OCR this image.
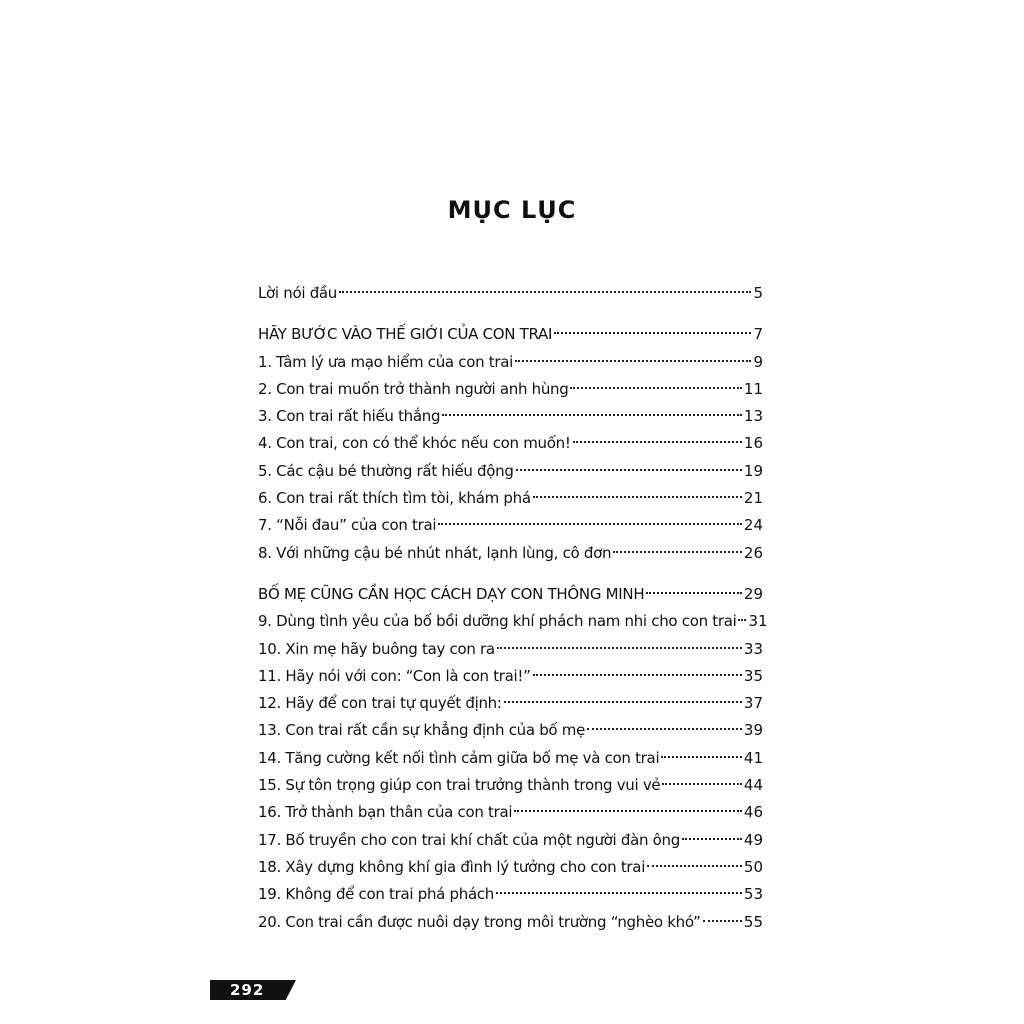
MỤC LỤC
Lời nói đầu	5
HÃY BƯỚC VÀO THẾ GIỚI CỦA CON TRAI	7
1. Tâm lý ưa mạo hiểm của con trai	9
2. Con trai muốn trở thành người anh hùng	11
3. Con trai rất hiếu thắng	13
4. Con trai, con có thể khóc nếu con muốn!	16
5. Các cậu bé thường rất hiếu động	19
6. Con trai rất thích tìm tòi, khám phá	21
7. “Nỗi đau” của con trai	24
8. Với những cậu bé nhút nhát, lạnh lùng, cô đơn	26
BỐ MẸ CŨNG CẦN HỌC CÁCH DẠY CON THÔNG MINH	29
9. Dùng tình yêu của bố bồi dưỡng khí phách nam nhi cho con trai 31
10. Xin mẹ hãy buông tay con ra	33
11. Hãy nói với con: “Con là con trai!”	35
12. Hãy để con trai tự quyết định:	37
13. Con trai rất cần sự khẳng định của bố mẹ	39
14. Tăng cường kết nối tình cảm giữa bố mẹ và con trai	41
15. Sự tôn trọng giúp con trai trưởng thành trong vui vẻ	44
16. Trở thành bạn thân của con trai	46
17. Bố truyền cho con trai khí chất của một người đàn ông	49
18. Xây dựng không khí gia đình lý tưởng cho con trai	50
19. Không để con trai phá phách	53
20. Con trai cần được nuôi dạy trong môi trường “nghèo khó”	55
292
